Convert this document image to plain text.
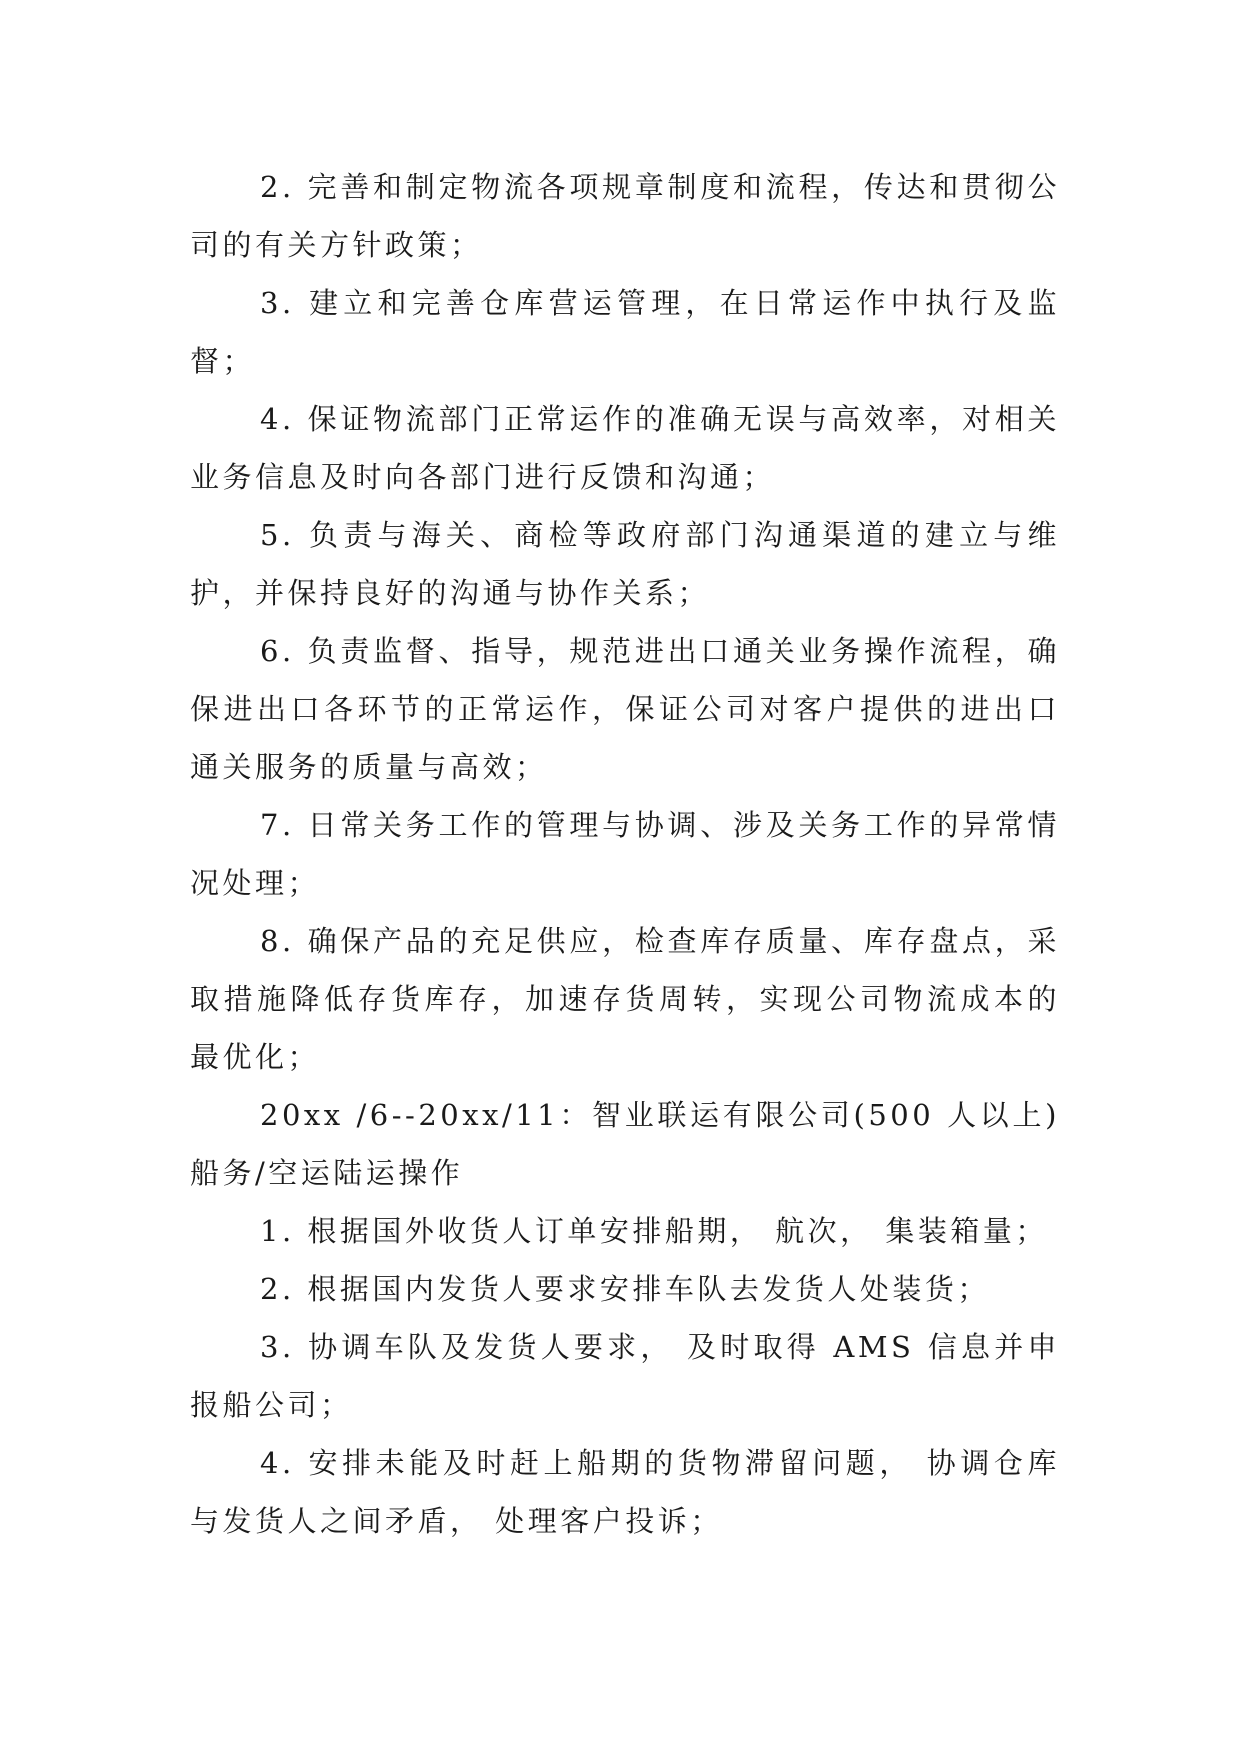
2. 完善和制定物流各项规章制度和流程，传达和贯彻公司的有关方针政策；

3. 建立和完善仓库营运管理，在日常运作中执行及监督；

4. 保证物流部门正常运作的准确无误与高效率，对相关业务信息及时向各部门进行反馈和沟通；

5. 负责与海关、商检等政府部门沟通渠道的建立与维护，并保持良好的沟通与协作关系；

6. 负责监督、指导，规范进出口通关业务操作流程，确保进出口各环节的正常运作，保证公司对客户提供的进出口通关服务的质量与高效；

7. 日常关务工作的管理与协调、涉及关务工作的异常情况处理；

8. 确保产品的充足供应，检查库存质量、库存盘点，采取措施降低存货库存，加速存货周转，实现公司物流成本的最优化；

20xx /6--20xx/11：智业联运有限公司(500 人以上) 船务/空运陆运操作

1. 根据国外收货人订单安排船期， 航次， 集装箱量；

2. 根据国内发货人要求安排车队去发货人处装货；

3. 协调车队及发货人要求， 及时取得 AMS 信息并申报船公司；

4. 安排未能及时赶上船期的货物滞留问题， 协调仓库与发货人之间矛盾， 处理客户投诉；
